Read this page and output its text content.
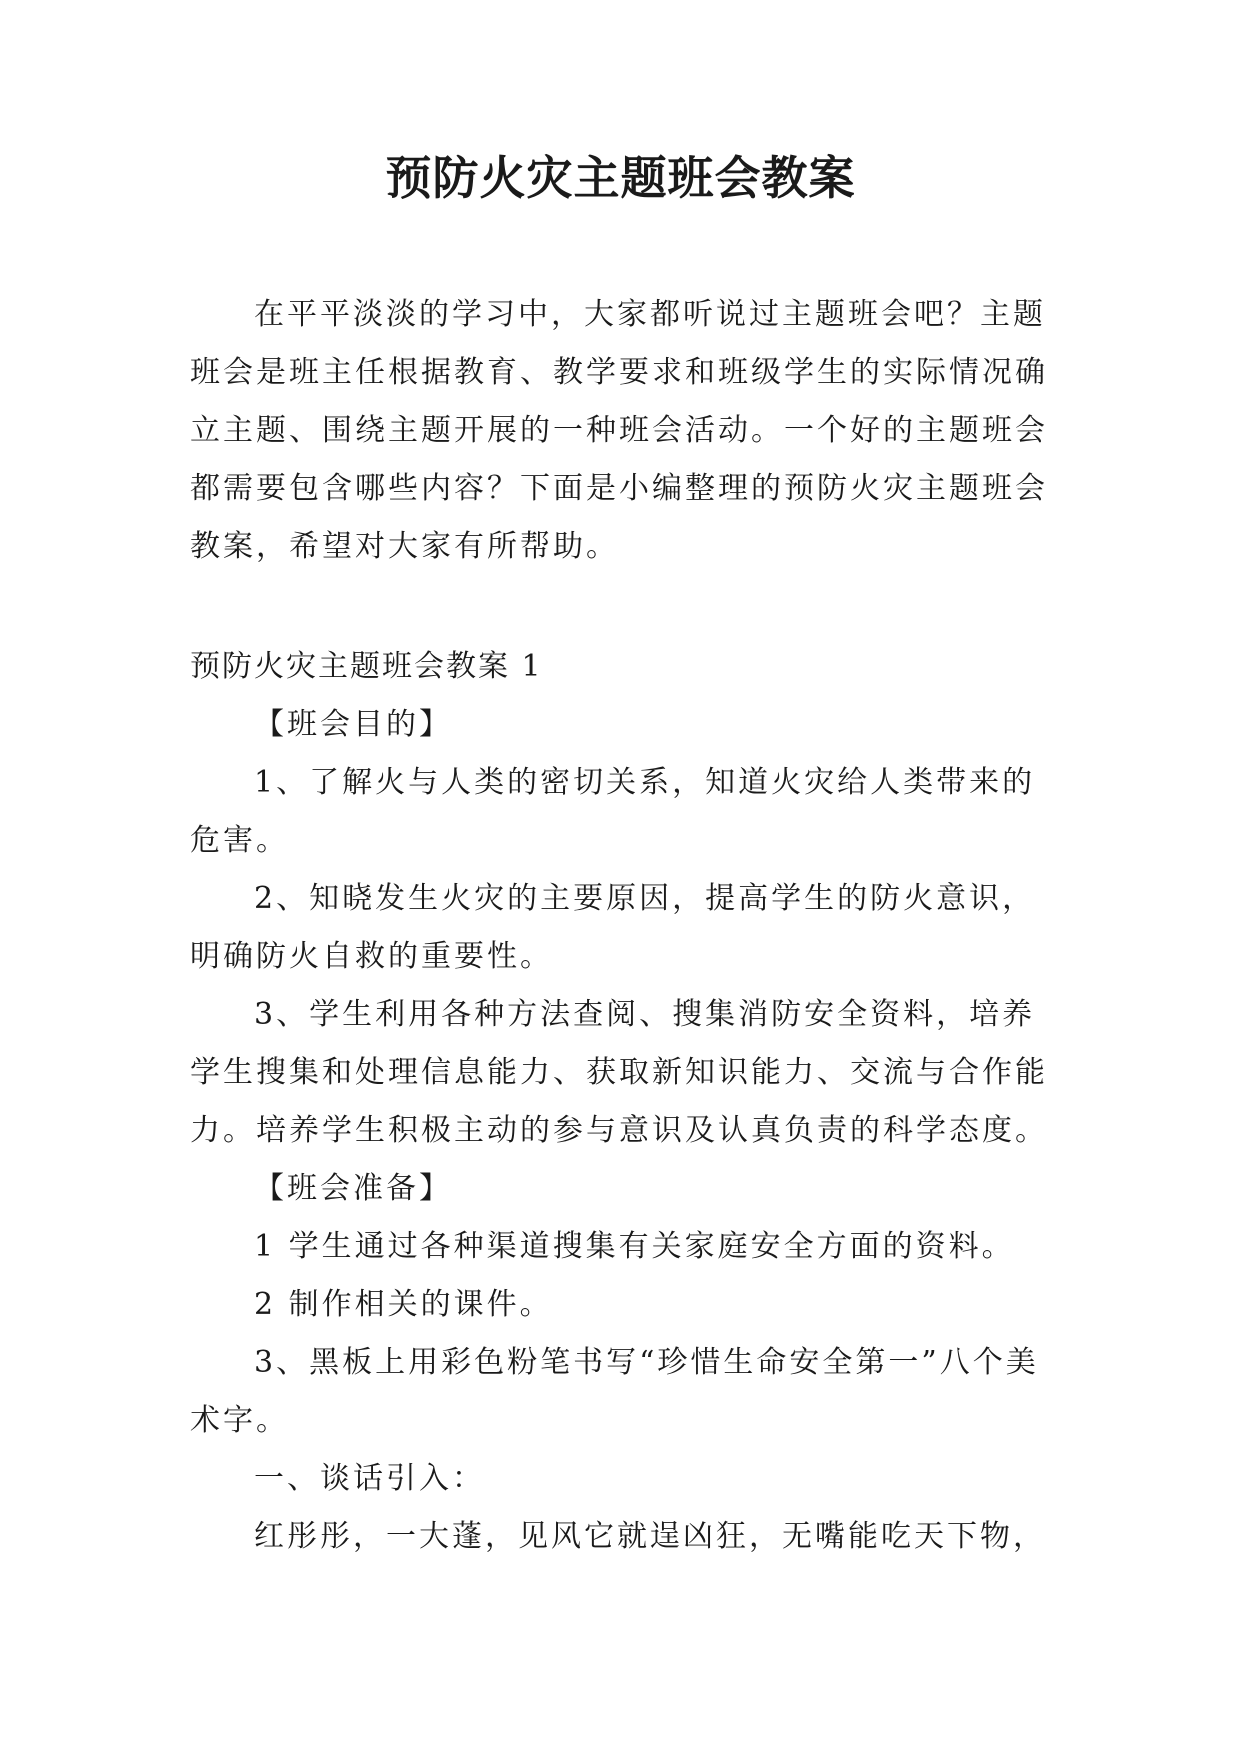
预防火灾主题班会教案

在平平淡淡的学习中，大家都听说过主题班会吧？主题班会是班主任根据教育、教学要求和班级学生的实际情况确立主题、围绕主题开展的一种班会活动。一个好的主题班会都需要包含哪些内容？下面是小编整理的预防火灾主题班会教案，希望对大家有所帮助。

预防火灾主题班会教案 1

【班会目的】

1、了解火与人类的密切关系，知道火灾给人类带来的危害。

2、知晓发生火灾的主要原因，提高学生的防火意识，明确防火自救的重要性。

3、学生利用各种方法查阅、搜集消防安全资料，培养学生搜集和处理信息能力、获取新知识能力、交流与合作能力。培养学生积极主动的参与意识及认真负责的科学态度。

【班会准备】

1 学生通过各种渠道搜集有关家庭安全方面的资料。

2 制作相关的课件。

3、黑板上用彩色粉笔书写“珍惜生命安全第一”八个美术字。

一、谈话引入：

红彤彤，一大蓬，见风它就逞凶狂，无嘴能吃天下物，
